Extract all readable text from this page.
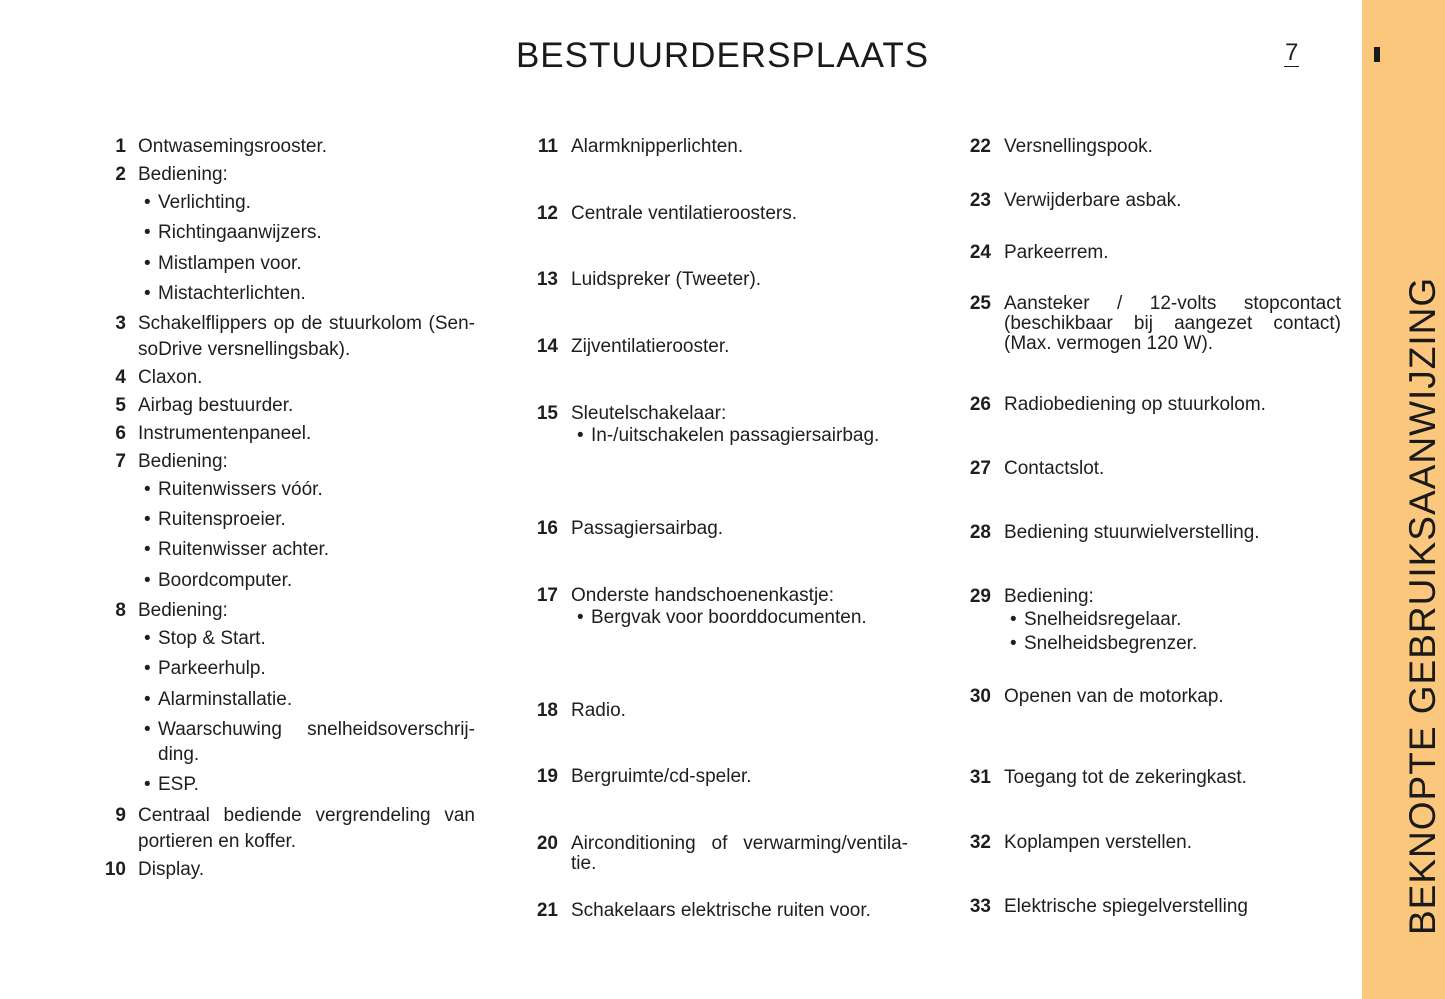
BESTUURDERSPLAATS	7
BEKNOPTE GEBRUIKSAANWIJZING
1 Ontwasemingsrooster.
2 Bediening:
• Verlichting.
• Richtingaanwijzers.
• Mistlampen voor.
• Mistachterlichten.
3 Schakelflippers op de stuurkolom (Sen-
soDrive versnellingsbak).
4 Claxon.
5 Airbag bestuurder.
6 Instrumentenpaneel.
7 Bediening:
• Ruitenwissers vóór.
• Ruitensproeier.
• Ruitenwisser achter.
• Boordcomputer.
8 Bediening:
• Stop & Start.
• Parkeerhulp.
• Alarminstallatie.
• Waarschuwing snelheidsoverschrij-
ding.
• ESP.
9 Centraal bediende vergrendeling van
portieren en koffer.
10 Display.
11 Alarmknipperlichten.
12 Centrale ventilatieroosters.
13 Luidspreker (Tweeter).
14 Zijventilatierooster.
15 Sleutelschakelaar:
• In-/uitschakelen passagiersairbag.
16 Passagiersairbag.
17 Onderste handschoenenkastje:
• Bergvak voor boorddocumenten.
18 Radio.
19 Bergruimte/cd-speler.
20 Airconditioning of verwarming/ventila-
tie.
21 Schakelaars elektrische ruiten voor.
22 Versnellingspook.
23 Verwijderbare asbak.
24 Parkeerrem.
25 Aansteker / 12-volts stopcontact
(beschikbaar bij aangezet contact)
(Max. vermogen 120 W).
26 Radiobediening op stuurkolom.
27 Contactslot.
28 Bediening stuurwielverstelling.
29 Bediening:
• Snelheidsregelaar.
• Snelheidsbegrenzer.
30 Openen van de motorkap.
31 Toegang tot de zekeringkast.
32 Koplampen verstellen.
33 Elektrische spiegelverstelling
